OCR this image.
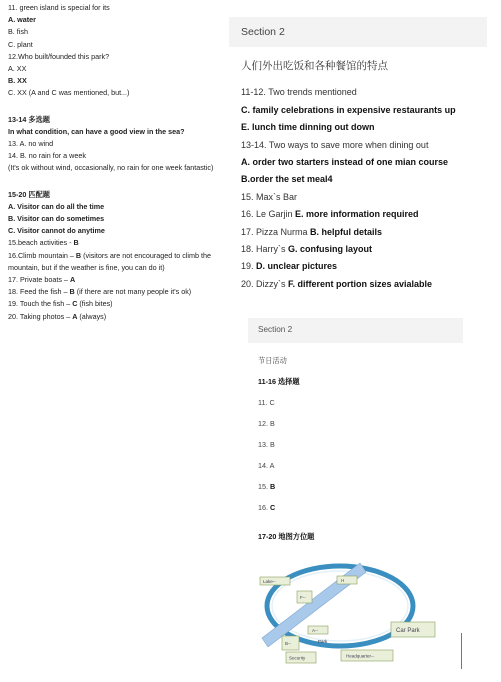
11. green island is special for its
A. water
B. fish
C. plant
12.Who built/founded this park?
A. XX
B. XX
C. XX (A and C was mentioned, but...)
13-14 多选题
In what condition, can have a good view in the sea?
13. A. no wind
14. B. no rain for a week
(It's ok without wind, occasionally, no rain for one week fantastic)
15-20 匹配题
A. Visitor can do all the time
B. Visitor can do sometimes
C. Visitor cannot do anytime
15.beach activities - B
16.Climb mountain – B (visitors are not encouraged to climb the
mountain, but if the weather is fine, you can do it)
17. Private boats – A
18. Feed the fish – B (if there are not many people it's ok)
19. Touch the fish – C (fish bites)
20. Taking photos – A (always)
Section 2
人们外出吃饭和各种餐馆的特点
11-12. Two trends mentioned
C. family celebrations in expensive restaurants up
E. lunch time dinning out down
13-14. Two ways to save more when dining out
A. order two starters instead of one mian course
B.order the set meal4
15. Max`s Bar
16. Le Garjin E. more information required
17. Pizza Nurma B. helpful details
18. Harry`s G. confusing layout
19. D. unclear pictures
20. Dizzy`s F. different portion sizes avialable
Section 2
节日活动
11-16 选择题
11. C
12. B
13. B
14. A
15. B
16. C
17-20 地图方位题
Lake--	H
F--
A--
B--	Park
Car Park
Security	Headquarter--
